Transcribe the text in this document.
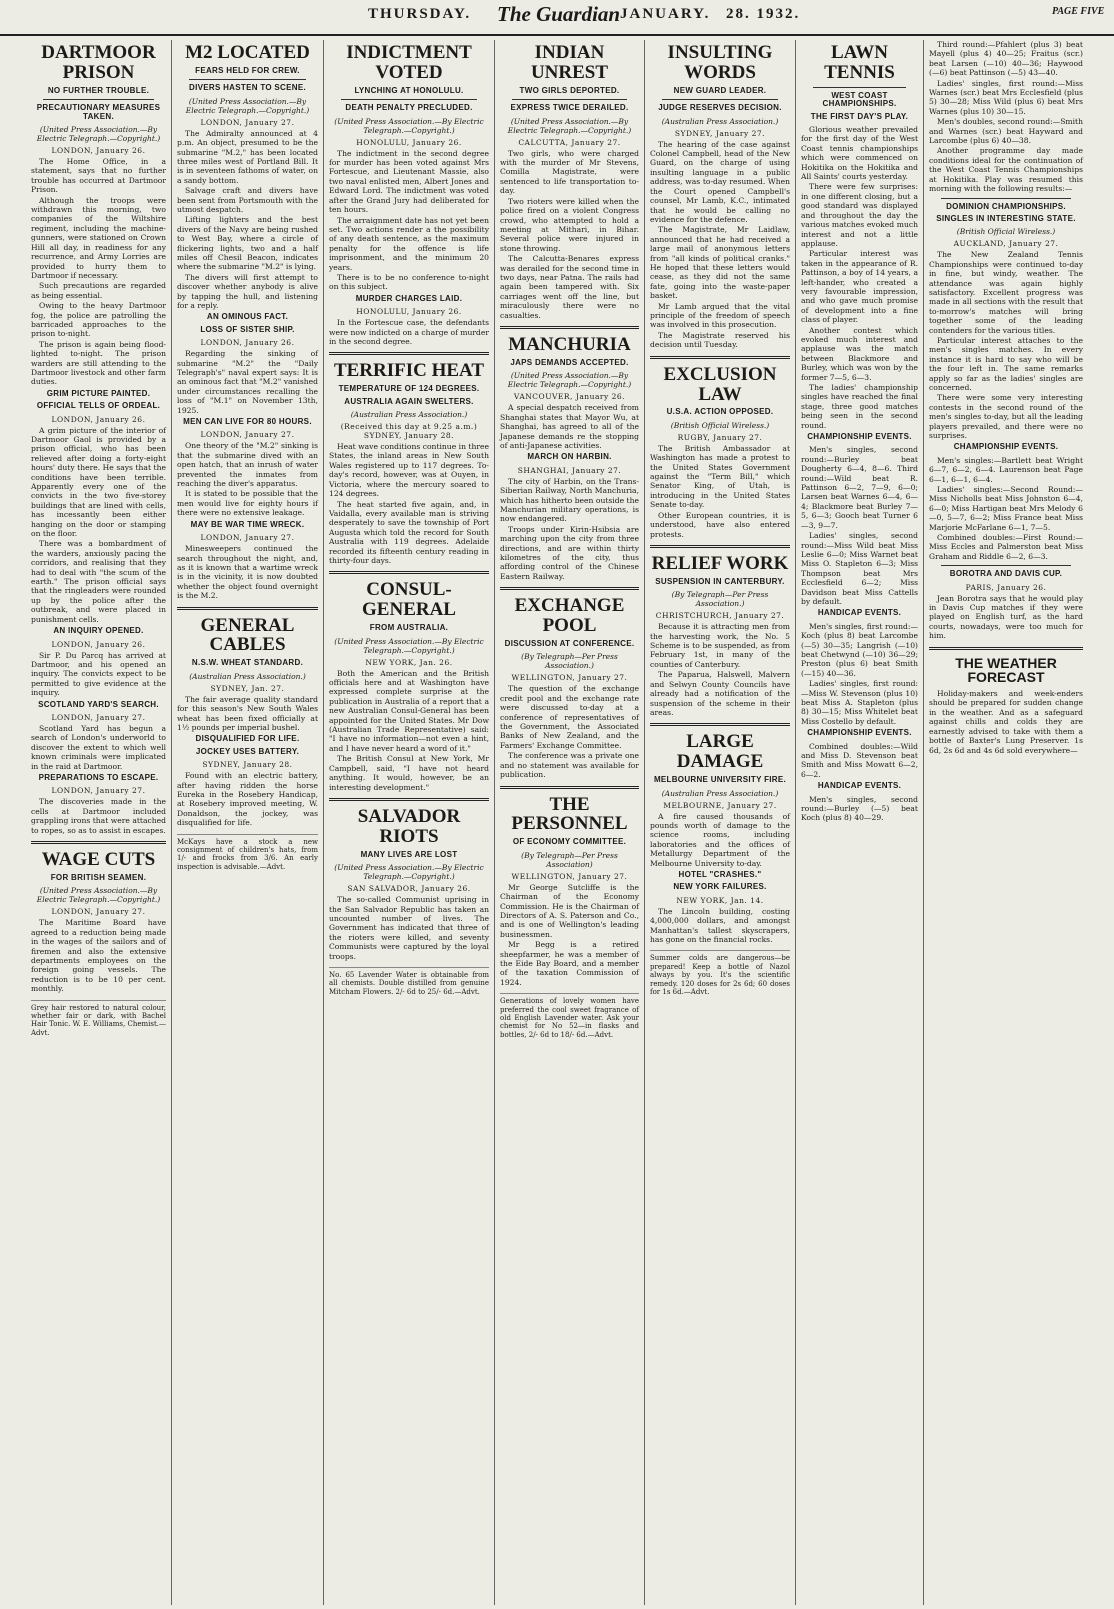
THURSDAY. The Guardian JANUARY. 28. 1932.	PAGE FIVE
DARTMOOR PRISON
NO FURTHER TROUBLE.
PRECAUTIONARY MEASURES TAKEN.
(United Press Association.—By Electric Telegraph.—Copyright.)
LONDON, January 26.

The Home Office, in a statement, says that no further trouble has occurred at Dartmoor Prison.

Although the troops were withdrawn this morning, two companies of the Wiltshire regiment, including the machine-gunners, were stationed on Crown Hill all day, in readiness for any recurrence, and Army Lorries are provided to hurry them to Dartmoor if necessary.

Such precautions are regarded as being essential.

Owing to the heavy Dartmoor fog, the police are patrolling the barricaded approaches to the prison to-night.

The prison is again being flood-lighted to-night. The prison warders are still attending to the Dartmoor livestock and other farm duties.

GRIM PICTURE PAINTED.
OFFICIAL TELLS OF ORDEAL.
LONDON, January 26.

A grim picture of the interior of Dartmoor Gaol is provided by a prison official, who has been relieved after doing a forty-eight hours' duty there. He says that the conditions have been terrible. Apparently every one of the convicts in the two five-storey buildings that are lined with cells, has incessantly been either hanging on the door or stamping on the floor.

There was a bombardment of the warders, anxiously pacing the corridors, and realising that they had to deal with "the scum of the earth." The prison official says that the ringleaders were rounded up by the police after the outbreak, and were placed in punishment cells.

AN INQUIRY OPENED.
LONDON, January 26.

Sir P. Du Parcq has arrived at Dartmoor, and his opened an inquiry. The convicts expect to be permitted to give evidence at the inquiry.

SCOTLAND YARD'S SEARCH.
LONDON, January 27.

Scotland Yard has begun a search of London's underworld to discover the extent to which well known criminals were implicated in the raid at Dartmoor.

PREPARATIONS TO ESCAPE.
LONDON, January 27.

The discoveries made in the cells at Dartmoor included grappling irons that were attached to ropes, so as to assist in escapes.

WAGE CUTS
FOR BRITISH SEAMEN.
(United Press Association.—By Electric Telegraph.—Copyright.)
LONDON, January 27.

The Maritime Board have agreed to a reduction being made in the wages of the sailors and of firemen and also the extensive departments employees on the foreign going vessels. The reduction is to be 10 per cent. monthly.

Grey hair restored to natural colour, whether fair or dark, with Bachel Hair Tonic. W. E. Williams, Chemist.—Advt.
M2 LOCATED
FEARS HELD FOR CREW.
DIVERS HASTEN TO SCENE.
(United Press Association.—By Electric Telegraph.—Copyright.)
LONDON, January 27.

The Admiralty announced at 4 p.m. An object, presumed to be the submarine "M.2," has been located three miles west of Portland Bill. It is in seventeen fathoms of water, on a sandy bottom.

Salvage craft and divers have been sent from Portsmouth with the utmost despatch.

Lifting lighters and the best divers of the Navy are being rushed to West Bay, where a circle of flickering lights, two and a half miles off Chesil Beacon, indicates where the submarine "M.2" is lying.

The divers will first attempt to discover whether anybody is alive by tapping the hull, and listening for a reply.

AN OMINOUS FACT.
LOSS OF SISTER SHIP.
LONDON, January 26.

Regarding the sinking of submarine "M.2" the "Daily Telegraph's" naval expert says: It is an ominous fact that "M.2" vanished under circumstances recalling the loss of "M.1" on November 13th, 1925.

MEN CAN LIVE FOR 80 HOURS.
LONDON, January 27.

One theory of the "M.2" sinking is that the submarine dived with an open hatch, that an inrush of water prevented the inmates from reaching the diver's apparatus.

It is stated to be possible that the men would live for eighty hours if there were no extensive leakage.

MAY BE WAR TIME WRECK.
LONDON, January 27.

Minesweepers continued the search throughout the night, and, as it is known that a wartime wreck is in the vicinity, it is now doubted whether the object found overnight is the M.2.

GENERAL CABLES
N.S.W. WHEAT STANDARD.
(Australian Press Association.)
SYDNEY, Jan. 27.

The fair average quality standard for this season's New South Wales wheat has been fixed officially at 1½ pounds per imperial bushel.

DISQUALIFIED FOR LIFE.
JOCKEY USES BATTERY.
SYDNEY, January 28.

Found with an electric battery, after having ridden the horse Eureka in the Rosebery Handicap, at Rosebery improved meeting, W. Donaldson, the jockey, was disqualified for life.

McKays have a stock a new consignment of children's hats, from 1/- and frocks from 3/6. An early inspection is advisable.—Advt.
INDICTMENT VOTED
LYNCHING AT HONOLULU.
DEATH PENALTY PRECLUDED.
(United Press Association.—By Electric Telegraph.—Copyright.)
HONOLULU, January 26.

The indictment in the second degree for murder has been voted against Mrs Fortescue, and Lieutenant Massie, also two naval enlisted men, Albert Jones and Edward Lord. The indictment was voted after the Grand Jury had deliberated for ten hours.

The arraignment date has not yet been set. Two actions render a the possibility of any death sentence, as the maximum penalty for the offence is life imprisonment, and the minimum 20 years.

There is to be no conference to-night on this subject.

MURDER CHARGES LAID.
HONOLULU, January 26.

In the Fortescue case, the defendants were now indicted on a charge of murder in the second degree.

TERRIFIC HEAT
TEMPERATURE OF 124 DEGREES.
AUSTRALIA AGAIN SWELTERS.
(Australian Press Association.)
(Received this day at 9.25 a.m.) SYDNEY, January 28.

Heat wave conditions continue in three States, the inland areas in New South Wales registered up to 117 degrees. To-day's record, however, was at Ouyen, in Victoria, where the mercury soared to 124 degrees.

The heat started five again, and, in Vaidalla, every available man is striving desperately to save the township of Port Augusta which told the record for South Australia with 119 degrees. Adelaide recorded its fifteenth century reading in thirty-four days.

CONSUL-GENERAL
FROM AUSTRALIA.
(United Press Association.—By Electric Telegraph.—Copyright.)
NEW YORK, Jan. 26.

Both the American and the British officials here and at Washington have expressed complete surprise at the publication in Australia of a report that a new Australian Consul-General has been appointed for the United States. Mr Dow (Australian Trade Representative) said: "I have no information—not even a hint, and I have never heard a word of it."

The British Consul at New York, Mr Campbell, said, "I have not heard anything. It would, however, be an interesting development."

SALVADOR RIOTS
MANY LIVES ARE LOST
(United Press Association.—By Electric Telegraph.—Copyright.)
SAN SALVADOR, January 26.

The so-called Communist uprising in the San Salvador Republic has taken an uncounted number of lives. The Government has indicated that three of the rioters were killed, and seventy Communists were captured by the loyal troops.

No. 65 Lavender Water is obtainable from all chemists. Double distilled from genuine Mitcham Flowers. 2/- 6d to 25/- 6d.—Advt.
INDIAN UNREST
TWO GIRLS DEPORTED.
EXPRESS TWICE DERAILED.
(United Press Association.—By Electric Telegraph.—Copyright.)
CALCUTTA, January 27.

Two girls, who were charged with the murder of Mr Stevens, Comilla Magistrate, were sentenced to life transportation to-day.

Two rioters were killed when the police fired on a violent Congress crowd, who attempted to hold a meeting at Mithari, in Bihar. Several police were injured in stone throwing.

The Calcutta-Benares express was derailed for the second time in two days, near Patna. The rails had again been tampered with. Six carriages went off the line, but miraculously there were no casualties.

MANCHURIA
JAPS DEMANDS ACCEPTED.
(United Press Association.—By Electric Telegraph.—Copyright.)
VANCOUVER, January 26.

A special despatch received from Shanghai states that Mayor Wu, at Shanghai, has agreed to all of the Japanese demands re the stopping of anti-Japanese activities.

MARCH ON HARBIN.
SHANGHAI, January 27.

The city of Harbin, on the Trans-Siberian Railway, North Manchuria, which has hitherto been outside the Manchurian military operations, is now endangered.

Troops under Kirin-Hsibsia are marching upon the city from three directions, and are within thirty kilometres of the city, thus affording control of the Chinese Eastern Railway.

EXCHANGE POOL
DISCUSSION AT CONFERENCE.
(By Telegraph—Per Press Association.)
WELLINGTON, January 27.

The question of the exchange credit pool and the exchange rate were discussed to-day at a conference of representatives of the Government, the Associated Banks of New Zealand, and the Farmers' Exchange Committee.

The conference was a private one and no statement was available for publication.

THE PERSONNEL
OF ECONOMY COMMITTEE.
(By Telegraph—Per Press Association)
WELLINGTON, January 27.

Mr George Sutcliffe is the Chairman of the Economy Commission. He is the Chairman of Directors of A. S. Paterson and Co., and is one of Wellington's leading businessmen.

Mr Begg is a retired sheepfarmer, he was a member of the Eide Bay Board, and a member of the taxation Commission of 1924.

Generations of lovely women have preferred the cool sweet fragrance of old English Lavender water. Ask your chemist for No 52—in flasks and bottles, 2/- 6d to 18/- 6d.—Advt.
INSULTING WORDS
NEW GUARD LEADER.
JUDGE RESERVES DECISION.
(Australian Press Association.)
SYDNEY, January 27.

The hearing of the case against Colonel Campbell, head of the New Guard, on the charge of using insulting language in a public address, was to-day resumed. When the Court opened Campbell's counsel, Mr Lamb, K.C., intimated that he would be calling no evidence for the defence.

The Magistrate, Mr Laidlaw, announced that he had received a large mail of anonymous letters from "all kinds of political cranks." He hoped that these letters would cease, as they did not the same fate, going into the waste-paper basket.

Mr Lamb argued that the vital principle of the freedom of speech was involved in this prosecution.

The Magistrate reserved his decision until Tuesday.

EXCLUSION LAW
U.S.A. ACTION OPPOSED.
(British Official Wireless.)
RUGBY, January 27.

The British Ambassador at Washington has made a protest to the United States Government against the "Term Bill," which Senator King, of Utah, is introducing in the United States Senate to-day.

Other European countries, it is understood, have also entered protests.

RELIEF WORK
SUSPENSION IN CANTERBURY.
(By Telegraph—Per Press Association.)
CHRISTCHURCH, January 27.

Because it is attracting men from the harvesting work, the No. 5 Scheme is to be suspended, as from February 1st, in many of the counties of Canterbury.

The Paparua, Halswell, Malvern and Selwyn County Councils have already had a notification of the suspension of the scheme in their areas.

LARGE DAMAGE
MELBOURNE UNIVERSITY FIRE.
(Australian Press Association.)
MELBOURNE, January 27.

A fire caused thousands of pounds worth of damage to the science rooms, including laboratories and the offices of Metallurgy Department of the Melbourne University to-day.

HOTEL "CRASHES."
NEW YORK FAILURES.
NEW YORK, Jan. 14.

The Lincoln building, costing 4,000,000 dollars, and amongst Manhattan's tallest skyscrapers, has gone on the financial rocks.

Summer colds are dangerous—be prepared! Keep a bottle of Nazol always by you. It's the scientific remedy. 120 doses for 2s 6d; 60 doses for 1s 6d.—Advt.
LAWN TENNIS
WEST COAST CHAMPIONSHIPS.
THE FIRST DAY'S PLAY.

Glorious weather prevailed for the first day of the West Coast tennis championships which were commenced on Hokitika on the Hokitika and All Saints' courts yesterday.

There were few surprises: in one different closing, but a good standard was displayed and throughout the day the various matches evoked much interest and not a little applause.

Particular interest was taken in the appearance of R. Pattinson, a boy of 14 years, a left-hander, who created a very favourable impression, and who gave much promise of development into a fine class of player.

Another contest which evoked much interest and applause was the match between Blackmore and Burley, which was won by the former 7—5, 6—3.

The ladies' championship singles have reached the final stage, three good matches being seen in the second round.

CHAMPIONSHIP EVENTS.

Men's singles, second round:—Burley beat Dougherty 6—4, 8—6. Third round:—Wild beat R. Pattinson 6—2, 7—9, 6—0; Larsen beat Warnes 6—4, 6—4; Blackmore beat Burley 7—5, 6—3; Gooch beat Turner 6—3, 9—7.

Ladies' singles, second round:—Miss Wild beat Miss Leslie 6—0; Miss Warnet beat Miss O. Stapleton 6—3; Miss Thompson beat Mrs Ecclesfield 6—2; Miss Davidson beat Miss Cattells by default.

HANDICAP EVENTS.

Men's singles, first round:—Koch (plus 8) beat Larcombe (—5) 30—35; Langrish (—10) beat Chetwynd (—10) 36—29; Preston (plus 6) beat Smith (—15) 40—36.

Ladies' singles, first round:—Miss W. Stevenson (plus 10) beat Miss A. Stapleton (plus 8) 30—15; Miss Whitelet beat Miss Costello by default.

CHAMPIONSHIP EVENTS.

Combined doubles:—Wild and Miss D. Stevenson beat Smith and Miss Mowatt 6—2, 6—2.

HANDICAP EVENTS.

Men's singles, second round:—Burley (—5) beat Koch (plus 8) 40—29.

Third round:—Pfahlert (plus 3) beat Mayell (plus 4) 40—25; Fraitus (scr.) beat Larsen (—10) 40—36; Haywood (—6) beat Pattinson (—5) 43—40.

Ladies' singles, first round:—Miss Warnes (scr.) beat Mrs Ecclesfield (plus 5) 30—28; Miss Wild (plus 6) beat Mrs Warnes (plus 10) 30—15.

Men's doubles, second round:—Smith and Warnes (scr.) beat Hayward and Larcombe (plus 6) 40—38.

Another programme day made conditions ideal for the continuation of the West Coast Tennis Championships at Hokitika. Play was resumed this morning with the following results:—

DOMINION CHAMPIONSHIPS.
SINGLES IN INTERESTING STATE.
(British Official Wireless.)
AUCKLAND, January 27.

The New Zealand Tennis Championships were continued to-day in fine, but windy, weather. The attendance was again highly satisfactory. Excellent progress was made in all sections with the result that to-morrow's matches will bring together some of the leading contenders for the various titles.

Particular interest attaches to the men's singles matches. In every instance it is hard to say who will be the four left in. The same remarks apply so far as the ladies' singles are concerned.

There were some very interesting contests in the second round of the men's singles to-day, but all the leading players prevailed, and there were no surprises.

CHAMPIONSHIP EVENTS.

Men's singles:—Bartlett beat Wright 6—7, 6—2, 6—4. Laurenson beat Page 6—1, 6—1, 6—4.

Ladies' singles:—Second Round:—Miss Nicholls beat Miss Johnston 6—4, 6—0; Miss Hartigan beat Mrs Melody 6—0, 5—7, 6—2; Miss France beat Miss Marjorie McFarlane 6—1, 7—5.

Combined doubles:—First Round:—Miss Eccles and Palmerston beat Miss Graham and Riddle 6—2, 6—3.

BOROTRA AND DAVIS CUP.
PARIS, January 26.

Jean Borotra says that he would play in Davis Cup matches if they were played on English turf, as the hard courts, nowadays, were too much for him.

THE WEATHER FORECAST

Holiday-makers and week-enders should be prepared for sudden change in the weather. And as a safeguard against chills and colds they are earnestly advised to take with them a bottle of Baxter's Lung Preserver. 1s 6d, 2s 6d and 4s 6d sold everywhere—
